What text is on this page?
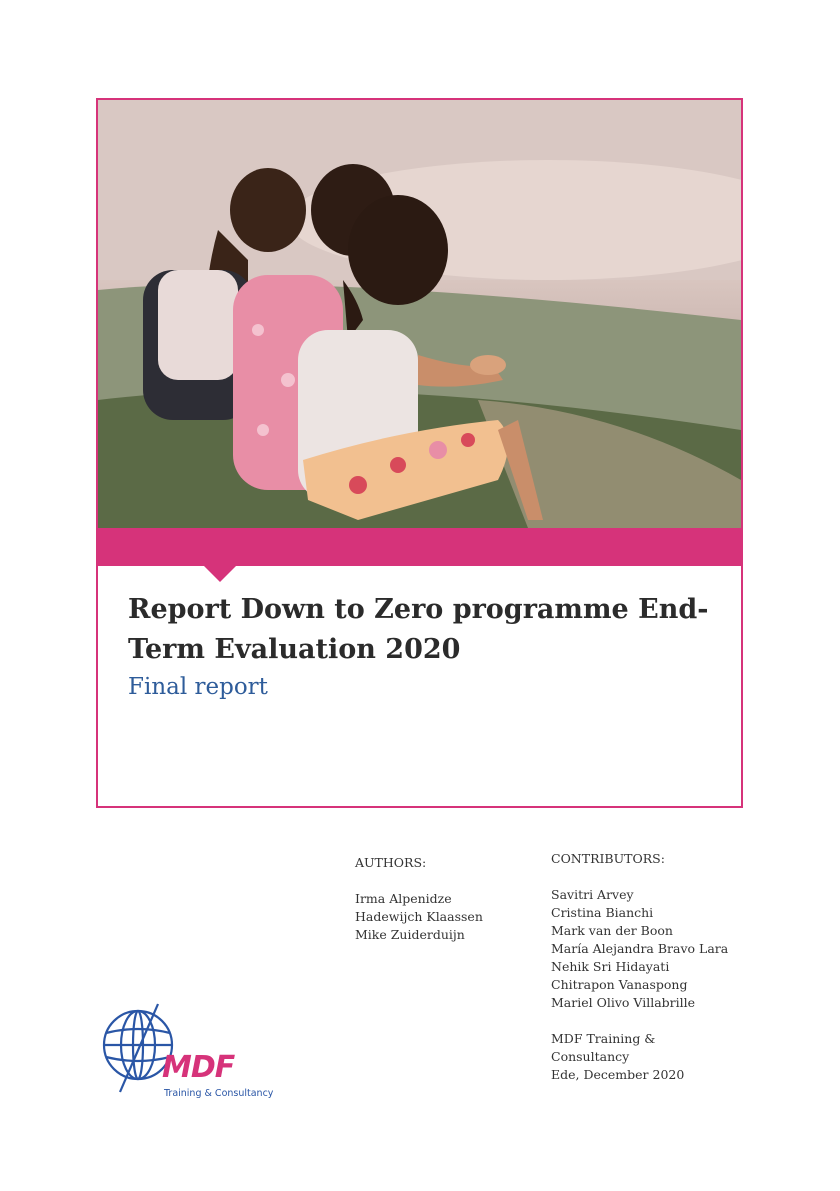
Report Down to Zero programme End-Term Evaluation 2020

Final report

AUTHORS:
Irma Alpenidze
Hadewijch Klaassen
Mike Zuiderduijn
CONTRIBUTORS:
Savitri Arvey
Cristina Bianchi
Mark van der Boon
María Alejandra Bravo Lara
Nehik Sri Hidayati
Chitrapon Vanaspong
Mariel Olivo Villabrille
MDF Training &
Consultancy
Ede, December 2020
MDF
Training & Consultancy
